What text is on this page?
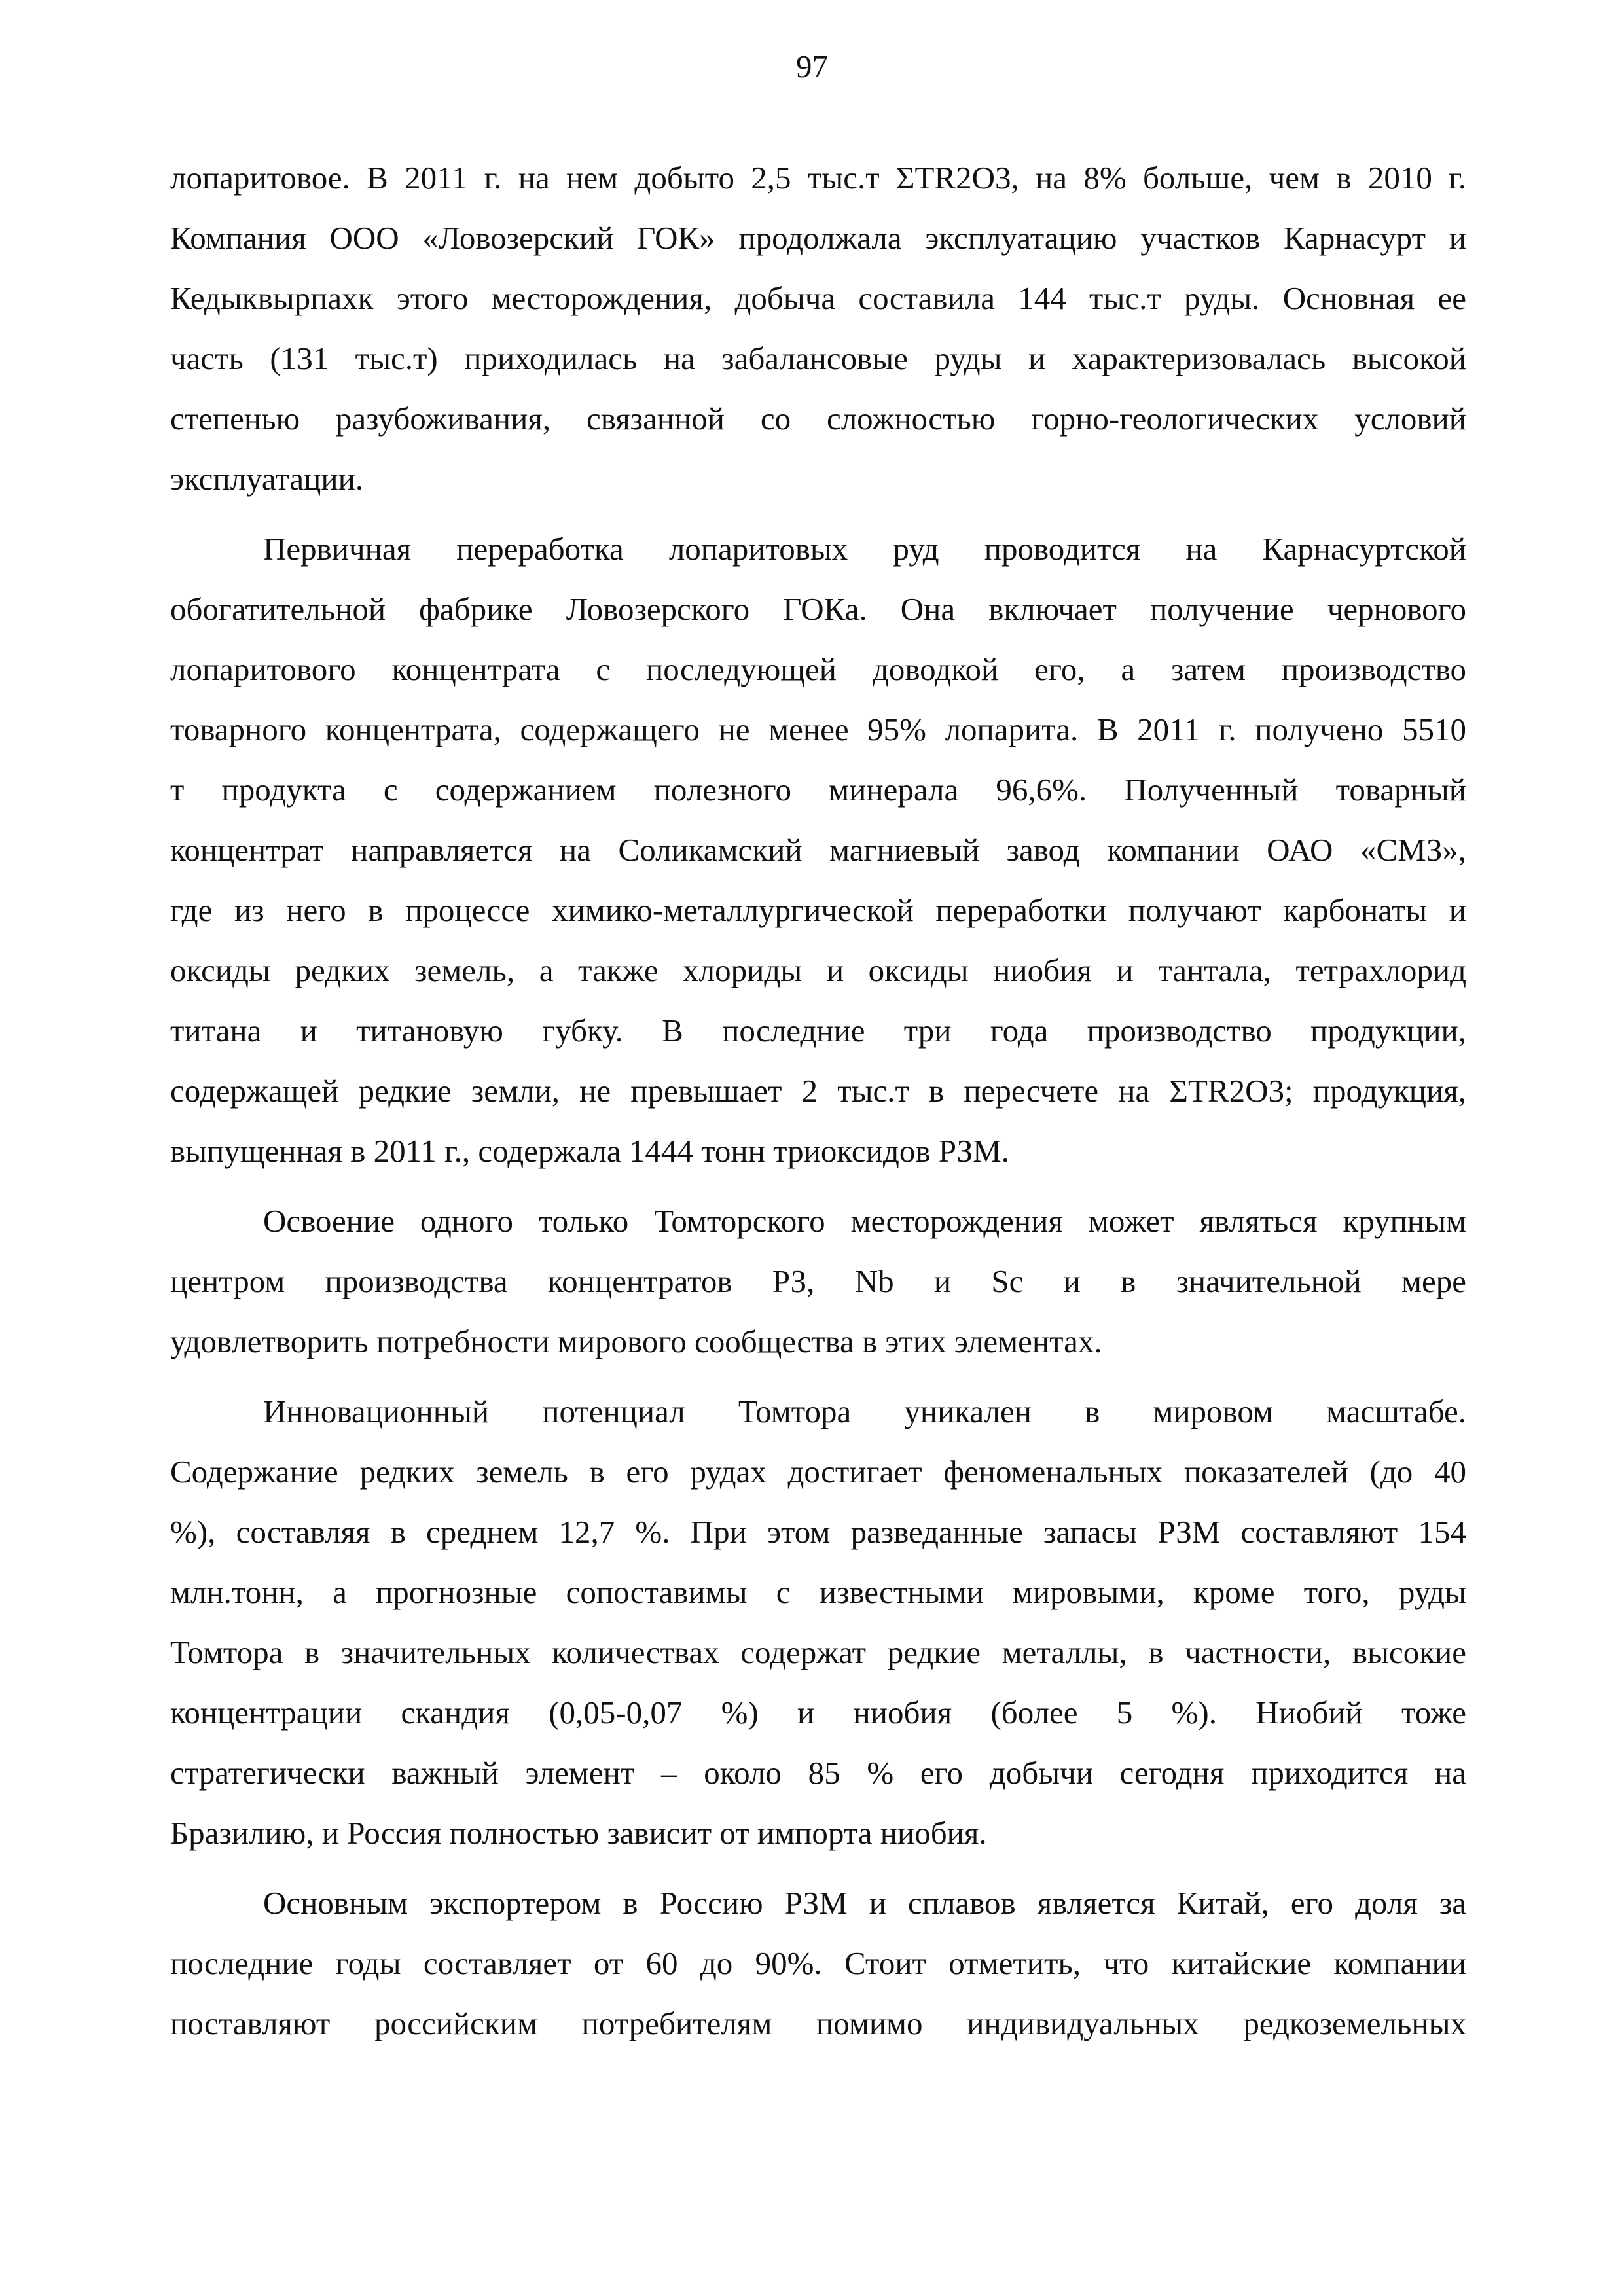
97
лопаритовое. В 2011 г. на нем добыто 2,5 тыс.т ΣTR2O3, на 8% больше, чем в 2010 г.
Компания ООО «Ловозерский ГОК» продолжала эксплуатацию участков Карнасурт и
Кедыквырпахк этого месторождения, добыча составила 144 тыс.т руды. Основная ее
часть (131 тыс.т) приходилась на забалансовые руды и характеризовалась высокой
степенью разубоживания, связанной со сложностью горно-геологических условий
эксплуатации.
Первичная переработка лопаритовых руд проводится на Карнасуртской
обогатительной фабрике Ловозерского ГОКа. Она включает получение чернового
лопаритового концентрата с последующей доводкой его, а затем производство
товарного концентрата, содержащего не менее 95% лопарита. В 2011 г. получено 5510
т продукта с содержанием полезного минерала 96,6%. Полученный товарный
концентрат направляется на Соликамский магниевый завод компании ОАО «СМЗ»,
где из него в процессе химико-металлургической переработки получают карбонаты и
оксиды редких земель, а также хлориды и оксиды ниобия и тантала, тетрахлорид
титана и титановую губку. В последние три года производство продукции,
содержащей редкие земли, не превышает 2 тыс.т в пересчете на ΣTR2O3; продукция,
выпущенная в 2011 г., содержала 1444 тонн триоксидов РЗМ.
Освоение одного только Томторского месторождения может являться крупным
центром производства концентратов РЗ, Nb и Sc и в значительной мере
удовлетворить потребности мирового сообщества в этих элементах.
Инновационный потенциал Томтора уникален в мировом масштабе.
Содержание редких земель в его рудах достигает феноменальных показателей (до 40
%), составляя в среднем 12,7 %. При этом разведанные запасы РЗМ составляют 154
млн.тонн, а прогнозные сопоставимы с известными мировыми, кроме того, руды
Томтора в значительных количествах содержат редкие металлы, в частности, высокие
концентрации скандия (0,05-0,07 %) и ниобия (более 5 %). Ниобий тоже
стратегически важный элемент – около 85 % его добычи сегодня приходится на
Бразилию, и Россия полностью зависит от импорта ниобия.
Основным экспортером в Россию РЗМ и сплавов является Китай, его доля за
последние годы составляет от 60 до 90%. Стоит отметить, что китайские компании
поставляют российским потребителям помимо индивидуальных редкоземельных
